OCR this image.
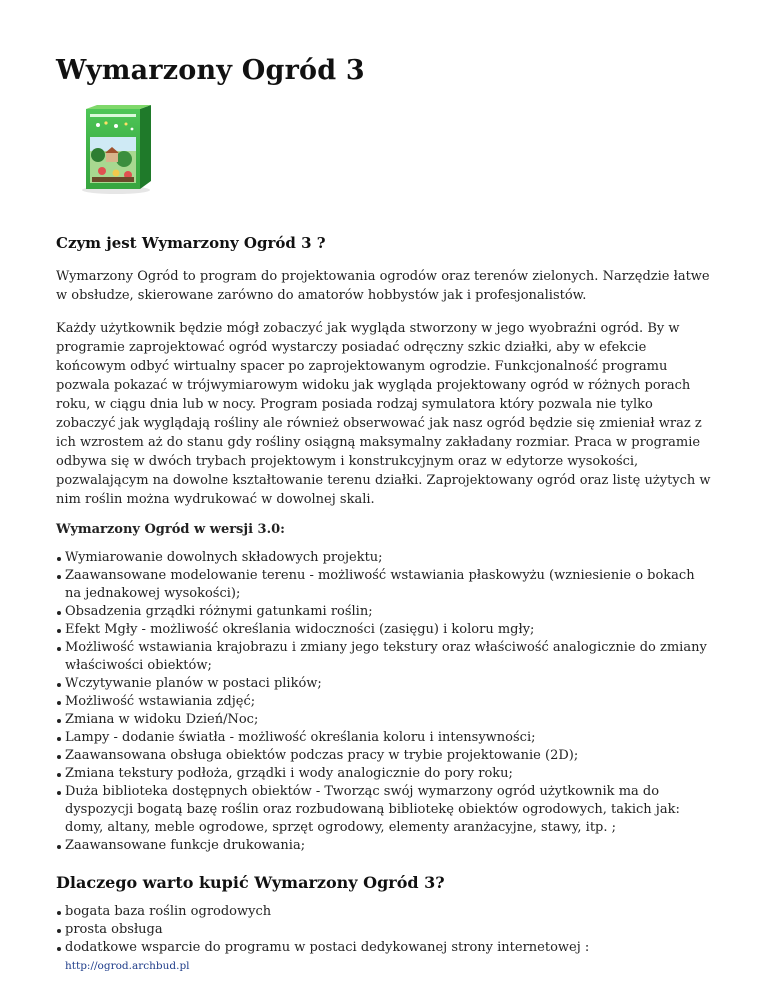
Wymarzony Ogród 3
Czym jest Wymarzony Ogród 3 ?

Wymarzony Ogród to program do projektowania ogrodów oraz terenów zielonych. Narzędzie łatwe w obsłudze, skierowane zarówno do amatorów hobbystów jak i profesjonalistów.

Każdy użytkownik będzie mógł zobaczyć jak wygląda stworzony w jego wyobraźni ogród. By w programie zaprojektować ogród wystarczy posiadać odręczny szkic działki, aby w efekcie końcowym odbyć wirtualny spacer po zaprojektowanym ogrodzie. Funkcjonalność programu pozwala pokazać w trójwymiarowym widoku jak wygląda projektowany ogród w różnych porach roku, w ciągu dnia lub w nocy. Program posiada rodzaj symulatora który pozwala nie tylko zobaczyć jak wyglądają rośliny ale również obserwować jak nasz ogród będzie się zmieniał wraz z ich wzrostem aż do stanu gdy rośliny osiągną maksymalny zakładany rozmiar. Praca w programie odbywa się w dwóch trybach projektowym i konstrukcyjnym oraz w edytorze wysokości, pozwalającym na dowolne kształtowanie terenu działki. Zaprojektowany ogród oraz listę użytych w nim roślin można wydrukować w dowolnej skali.

Wymarzony Ogród w wersji 3.0:

Wymiarowanie dowolnych składowych projektu;
Zaawansowane modelowanie terenu - możliwość wstawiania płaskowyżu (wzniesienie o bokach na jednakowej wysokości);
Obsadzenia grządki różnymi gatunkami roślin;
Efekt Mgły - możliwość określania widoczności (zasięgu) i koloru mgły;
Możliwość wstawiania krajobrazu i zmiany jego tekstury oraz właściwość analogicznie do zmiany właściwości obiektów;
Wczytywanie planów w postaci plików;
Możliwość wstawiania zdjęć;
Zmiana w widoku Dzień/Noc;
Lampy - dodanie światła - możliwość określania koloru i intensywności;
Zaawansowana obsługa obiektów podczas pracy w trybie projektowanie (2D);
Zmiana tekstury podłoża, grządki i wody analogicznie do pory roku;
Duża biblioteka dostępnych obiektów - Tworząc swój wymarzony ogród użytkownik ma do dyspozycji bogatą bazę roślin oraz rozbudowaną bibliotekę obiektów ogrodowych, takich jak: domy, altany, meble ogrodowe, sprzęt ogrodowy, elementy aranżacyjne, stawy, itp. ;
Zaawansowane funkcje drukowania;
Dlaczego warto kupić Wymarzony Ogród 3?
bogata baza roślin ogrodowych
prosta obsługa
dodatkowe wsparcie do programu w postaci dedykowanej strony internetowej : http://ogrod.archbud.pl
